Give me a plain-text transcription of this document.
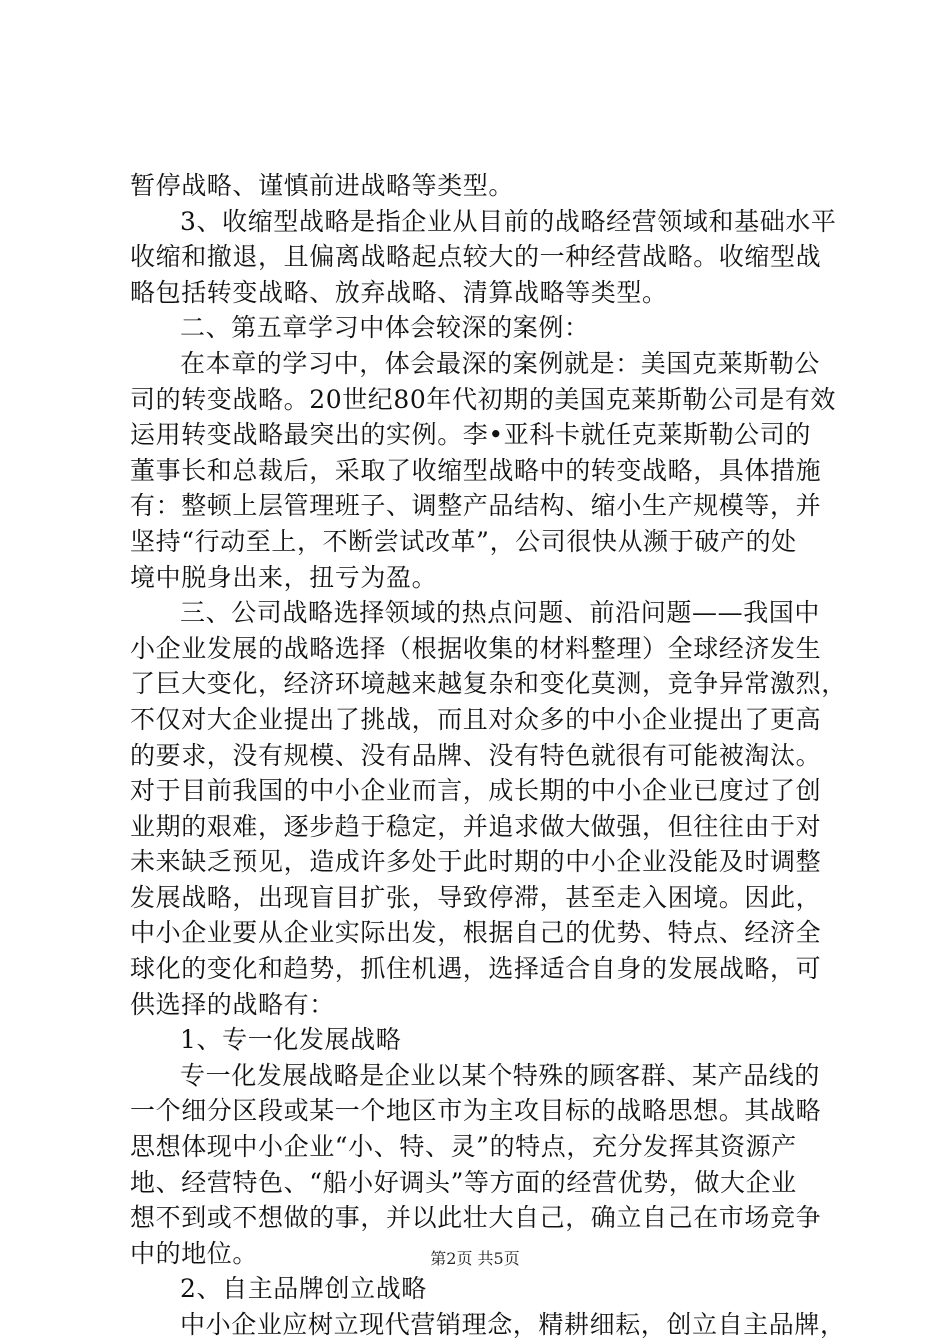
暂停战略、谨慎前进战略等类型。
3、收缩型战略是指企业从目前的战略经营领域和基础水平
收缩和撤退，且偏离战略起点较大的一种经营战略。收缩型战
略包括转变战略、放弃战略、清算战略等类型。
二、第五章学习中体会较深的案例：
在本章的学习中，体会最深的案例就是：美国克莱斯勒公
司的转变战略。20世纪80年代初期的美国克莱斯勒公司是有效
运用转变战略最突出的实例。李•亚科卡就任克莱斯勒公司的
董事长和总裁后，采取了收缩型战略中的转变战略，具体措施
有：整顿上层管理班子、调整产品结构、缩小生产规模等，并
坚持“行动至上，不断尝试改革”，公司很快从濒于破产的处
境中脱身出来，扭亏为盈。
三、公司战略选择领域的热点问题、前沿问题——我国中
小企业发展的战略选择（根据收集的材料整理）全球经济发生
了巨大变化，经济环境越来越复杂和变化莫测，竞争异常激烈，
不仅对大企业提出了挑战，而且对众多的中小企业提出了更高
的要求，没有规模、没有品牌、没有特色就很有可能被淘汰。
对于目前我国的中小企业而言，成长期的中小企业已度过了创
业期的艰难，逐步趋于稳定，并追求做大做强，但往往由于对
未来缺乏预见，造成许多处于此时期的中小企业没能及时调整
发展战略，出现盲目扩张，导致停滞，甚至走入困境。因此，
中小企业要从企业实际出发，根据自己的优势、特点、经济全
球化的变化和趋势，抓住机遇，选择适合自身的发展战略，可
供选择的战略有：
1、专一化发展战略
专一化发展战略是企业以某个特殊的顾客群、某产品线的
一个细分区段或某一个地区市为主攻目标的战略思想。其战略
思想体现中小企业“小、特、灵”的特点，充分发挥其资源产
地、经营特色、“船小好调头”等方面的经营优势，做大企业
想不到或不想做的事，并以此壮大自己，确立自己在市场竞争
中的地位。
2、自主品牌创立战略
中小企业应树立现代营销理念，精耕细耘，创立自主品牌，
第2页 共5页
